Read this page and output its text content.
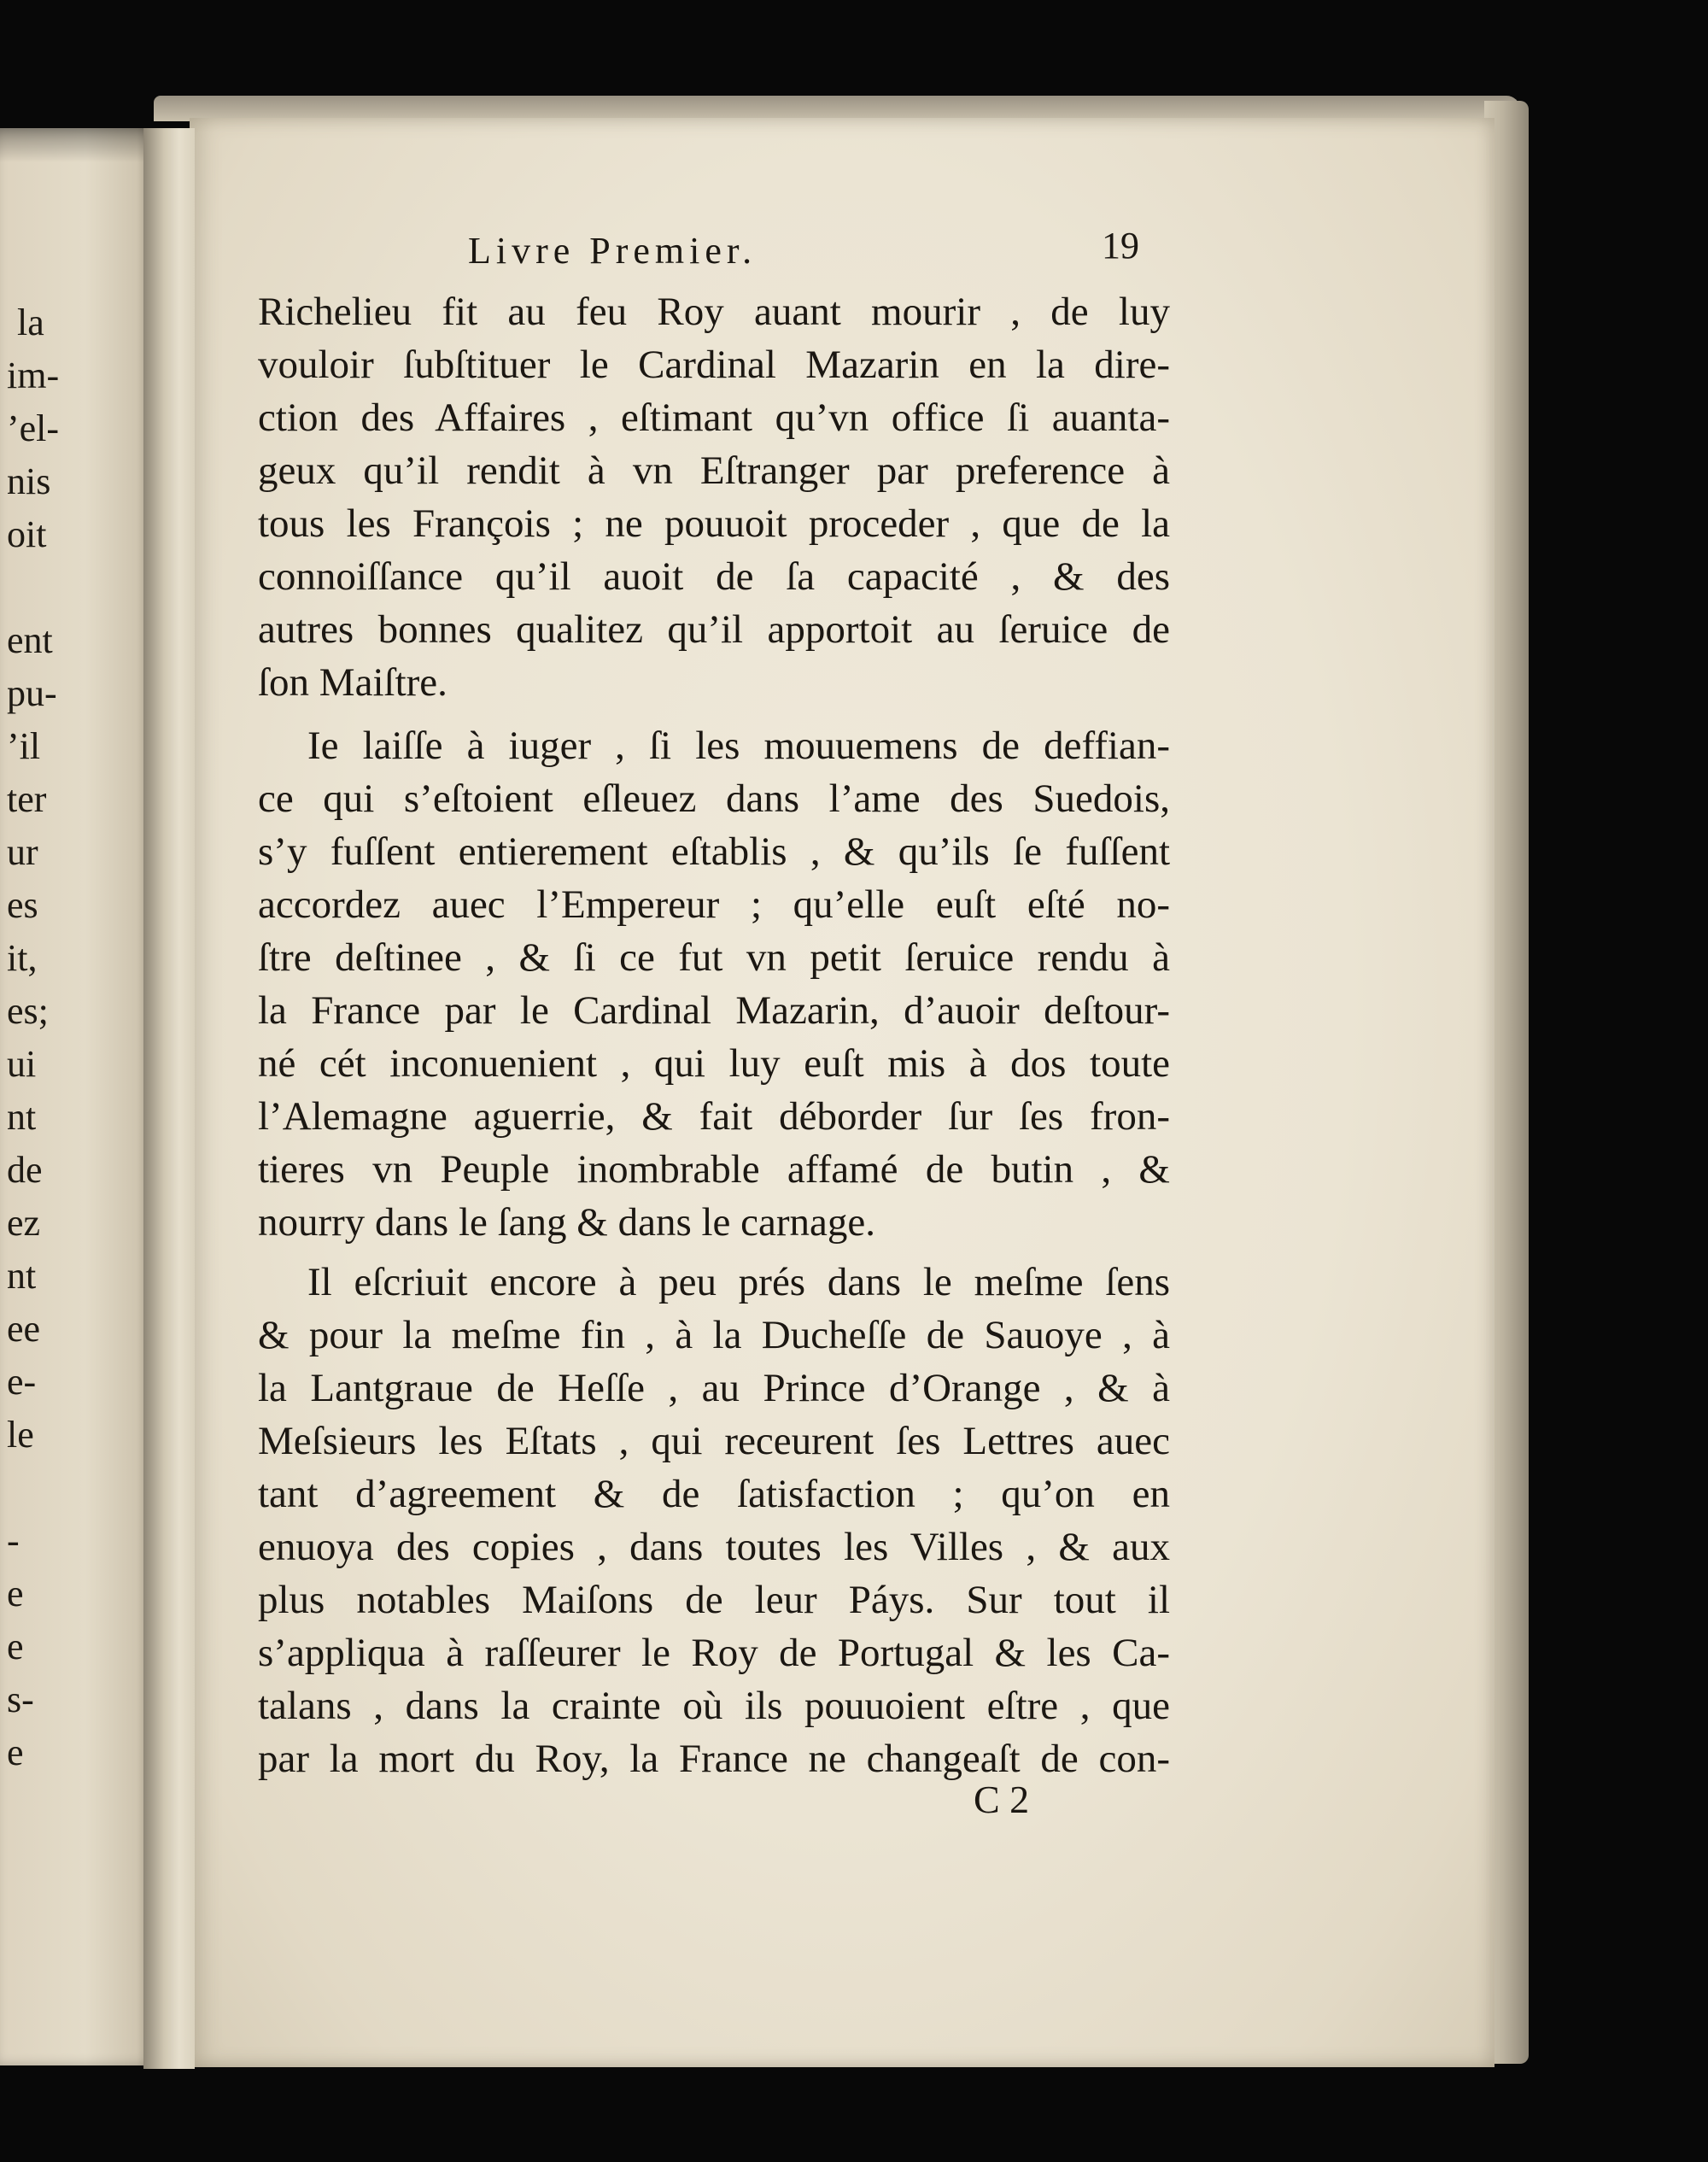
Livre Premier.	19
Richelieu fit au feu Roy auant mourir , de luy
vouloir ſubſtituer le Cardinal Mazarin en la dire-
ction des Affaires , eſtimant qu’vn office ſi auanta-
geux qu’il rendit à vn Eſtranger par preference à
tous les François ; ne pouuoit proceder , que de la
connoiſſance qu’il auoit de ſa capacité , & des
autres bonnes qualitez qu’il apportoit au ſeruice de
ſon Maiſtre.
Ie laiſſe à iuger , ſi les mouuemens de deffian-
ce qui s’eſtoient eſleuez dans l’ame des Suedois,
s’y fuſſent entierement eſtablis , & qu’ils ſe fuſſent
accordez auec l’Empereur ; qu’elle euſt eſté no-
ſtre deſtinee , & ſi ce fut vn petit ſeruice rendu à
la France par le Cardinal Mazarin, d’auoir deſtour-
né cét inconuenient , qui luy euſt mis à dos toute
l’Alemagne aguerrie, & fait déborder ſur ſes fron-
tieres vn Peuple inombrable affamé de butin , &
nourry dans le ſang & dans le carnage.
Il eſcriuit encore à peu prés dans le meſme ſens
& pour la meſme fin , à la Ducheſſe de Sauoye , à
la Lantgraue de Heſſe , au Prince d’Orange , & à
Meſsieurs les Eſtats , qui receurent ſes Lettres auec
tant d’agreement & de ſatisfaction ; qu’on en
enuoya des copies , dans toutes les Villes , & aux
plus notables Maiſons de leur Páys. Sur tout il
s’appliqua à raſſeurer le Roy de Portugal & les Ca-
talans , dans la crainte où ils pouuoient eſtre , que
par la mort du Roy, la France ne changeaſt de con-
C 2
la
im-
’el-
nis
oit
ent
pu-
’il
ter
ur
es
it,
es;
ui
nt
de
ez
nt
ee
e-
le
-
e
e
s-
e
